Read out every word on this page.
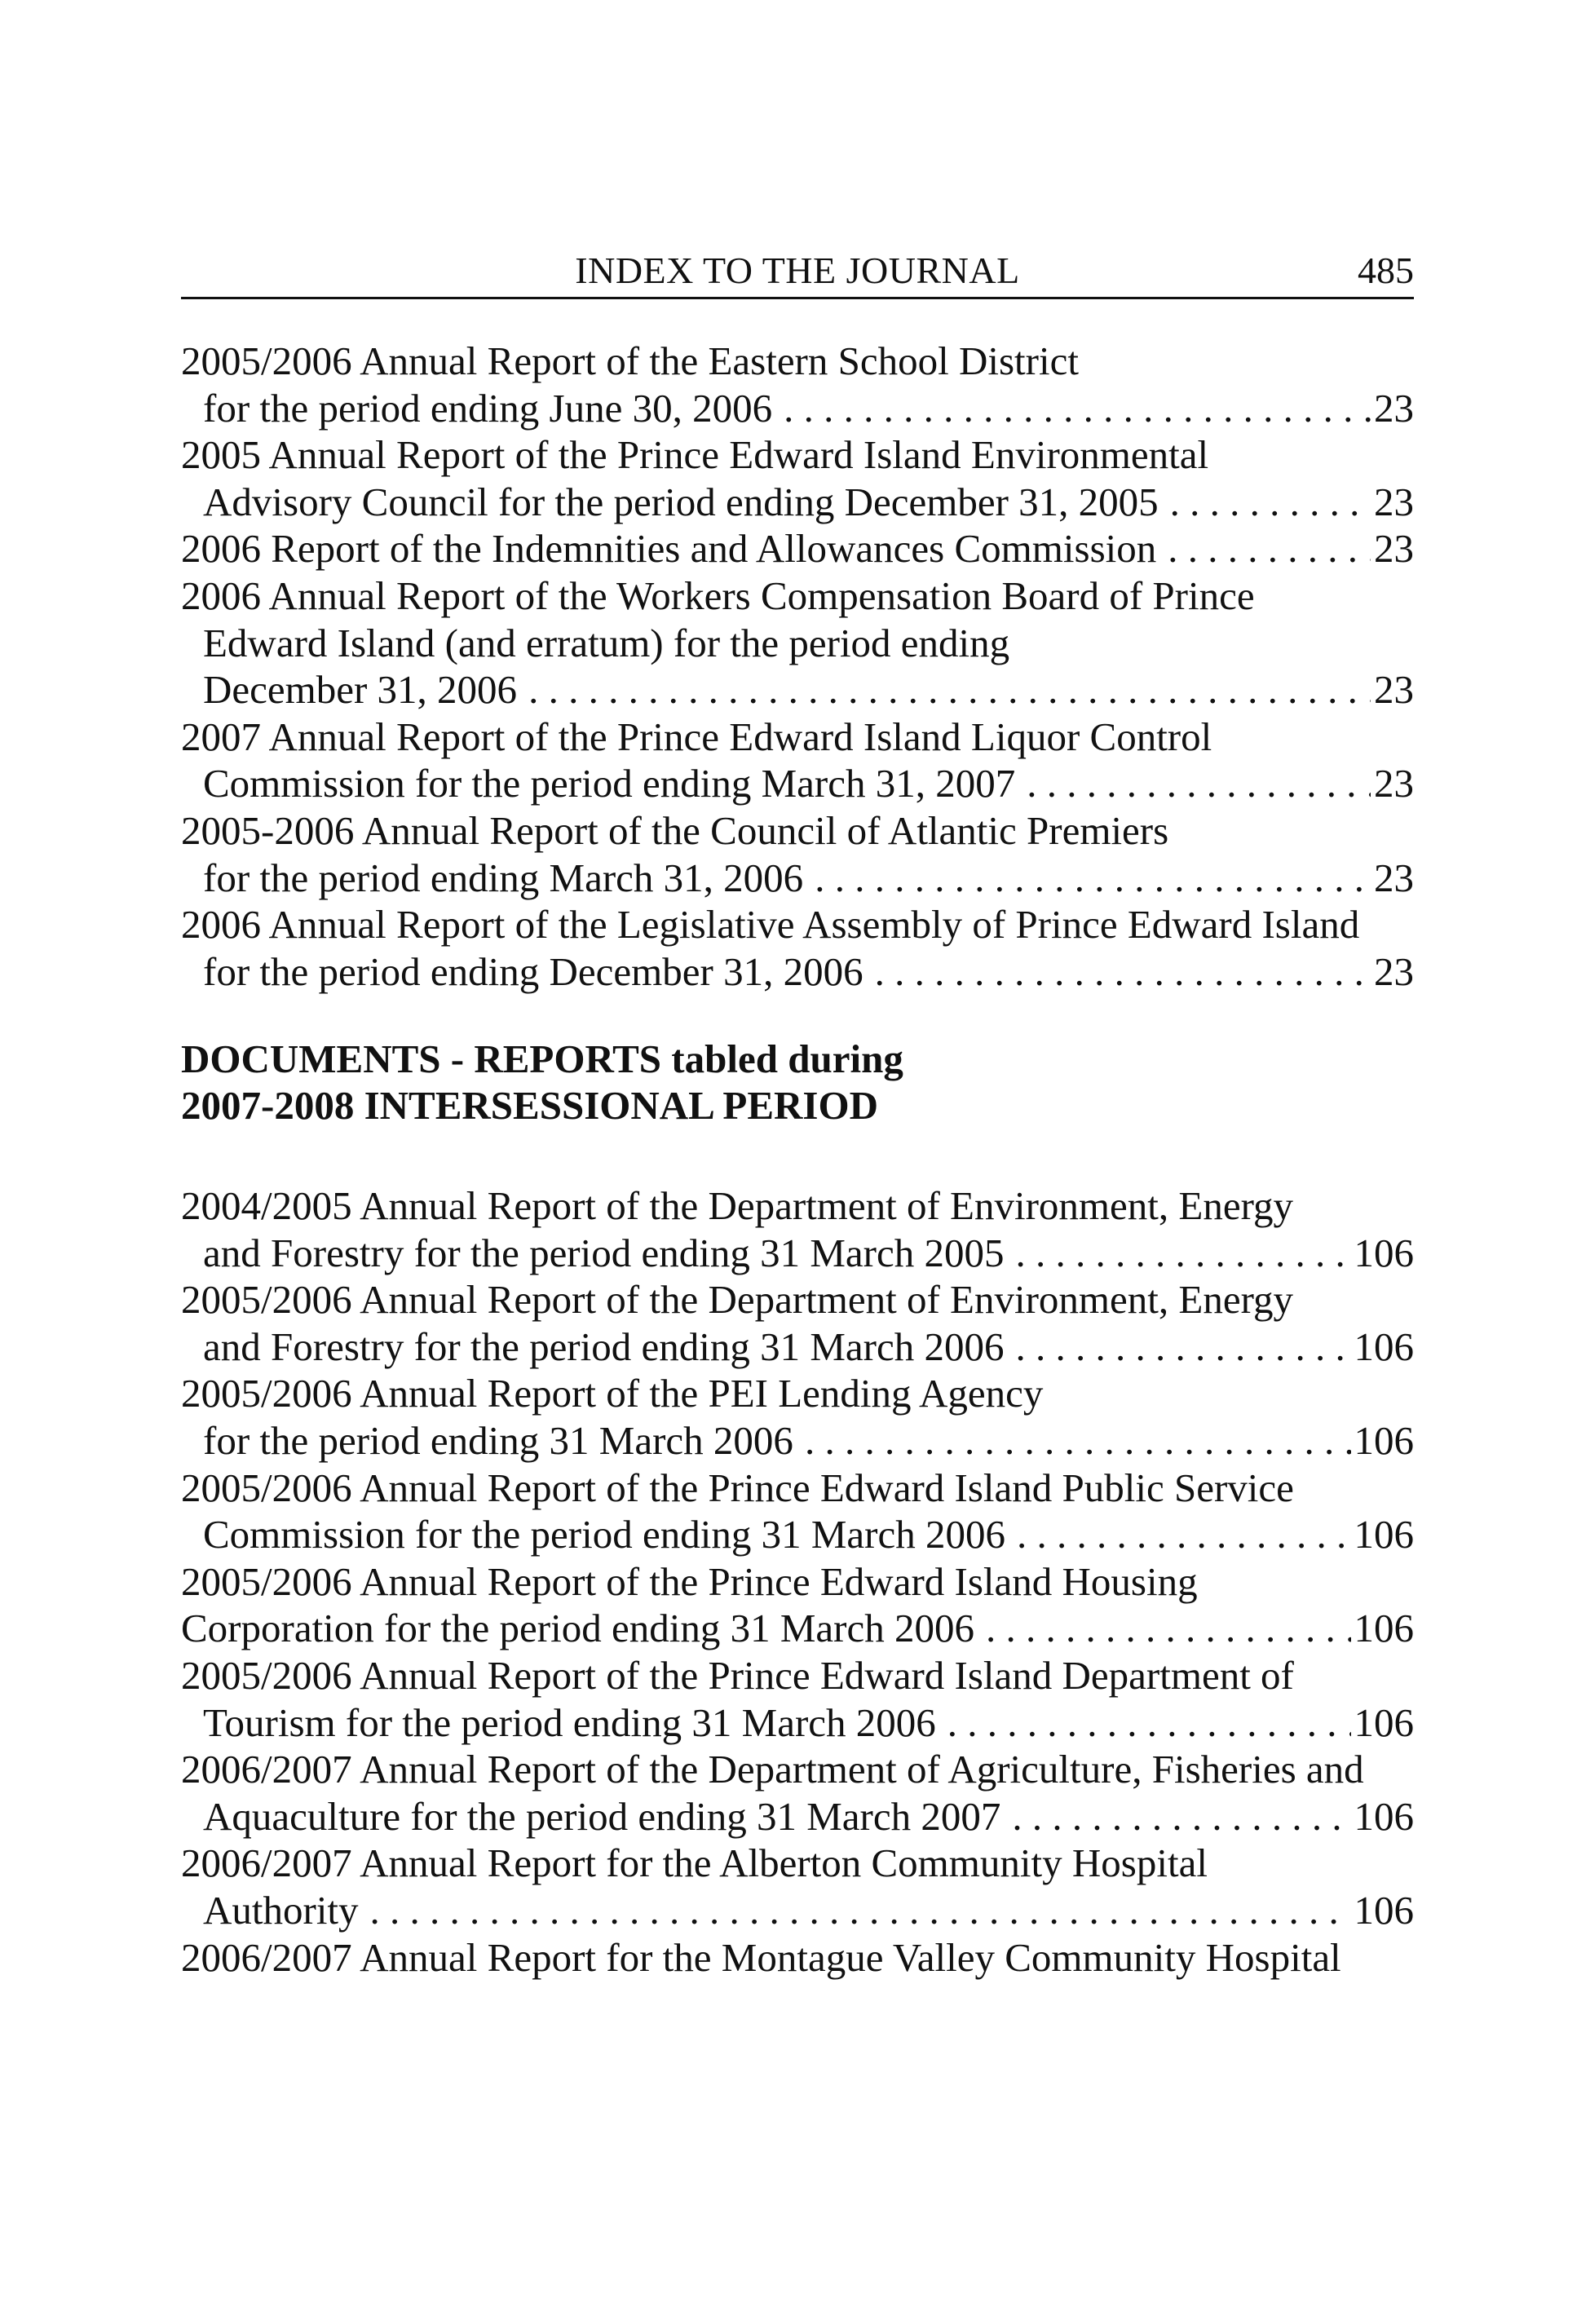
INDEX TO THE JOURNAL	485
2005/2006 Annual Report of the Eastern School District
for the period ending June 30, 2006 . . .	23
2005 Annual Report of the Prince Edward Island Environmental
Advisory Council for the period ending December 31, 2005 . . .	23
2006 Report of the Indemnities and Allowances Commission . . .	23
2006 Annual Report of the Workers Compensation Board of Prince
Edward Island (and erratum) for the period ending
December 31, 2006 . . .	23
2007 Annual Report of the Prince Edward Island Liquor Control
Commission for the period ending March 31, 2007 . . .	23
2005-2006 Annual Report of the Council of Atlantic Premiers
for the period ending March 31, 2006 . . .	23
2006 Annual Report of the Legislative Assembly of Prince Edward Island
for the period ending December 31, 2006 . . .	23
DOCUMENTS - REPORTS tabled during
2007-2008 INTERSESSIONAL PERIOD
2004/2005 Annual Report of the Department of Environment, Energy
and Forestry for the period ending 31 March 2005 . . .	106
2005/2006 Annual Report of the Department of Environment, Energy
and Forestry for the period ending 31 March 2006 . . .	106
2005/2006 Annual Report of the PEI Lending Agency
for the period ending 31 March 2006 . . .	106
2005/2006 Annual Report of the Prince Edward Island Public Service
Commission for the period ending 31 March 2006 . . .	106
2005/2006 Annual Report of the Prince Edward Island Housing
Corporation for the period ending 31 March 2006 . . .	106
2005/2006 Annual Report of the Prince Edward Island Department of
Tourism for the period ending 31 March 2006 . . .	106
2006/2007 Annual Report of the Department of Agriculture, Fisheries and
Aquaculture for the period ending 31 March 2007 . . .	106
2006/2007 Annual Report for the Alberton Community Hospital
Authority . . .	106
2006/2007 Annual Report for the Montague Valley Community Hospital
